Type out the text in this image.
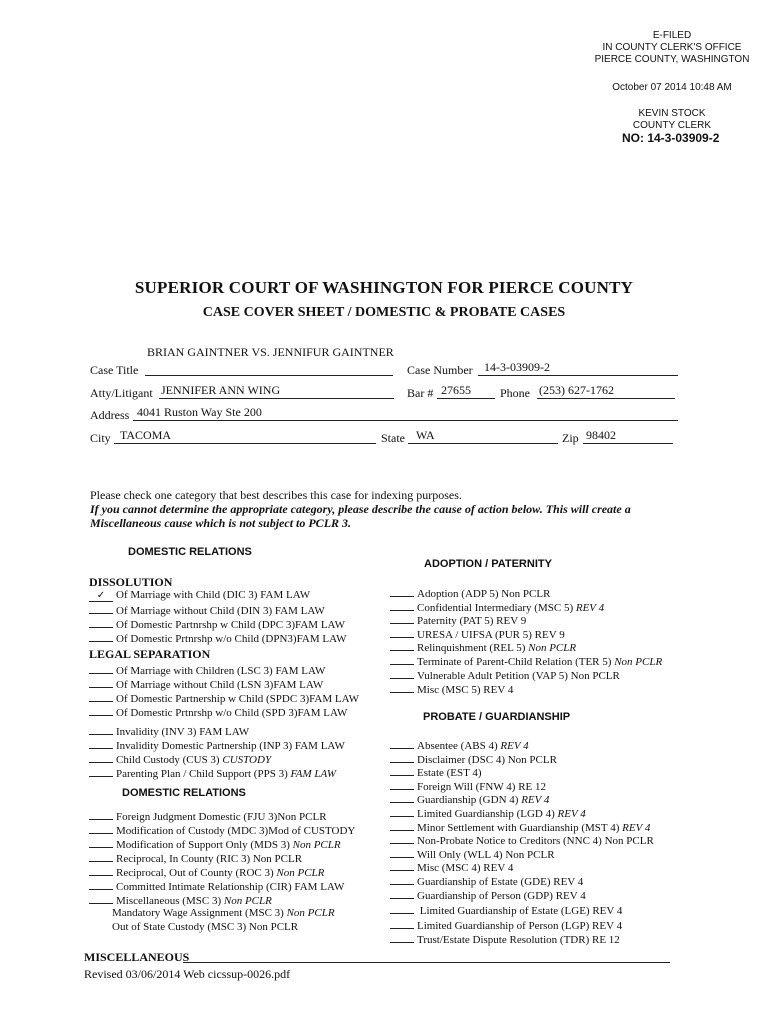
E-FILED
IN COUNTY CLERK'S OFFICE
PIERCE COUNTY, WASHINGTON
October 07 2014 10:48 AM
KEVIN STOCK
COUNTY CLERK
NO: 14-3-03909-2
SUPERIOR COURT OF WASHINGTON FOR PIERCE COUNTY
CASE COVER SHEET / DOMESTIC & PROBATE CASES
BRIAN GAINTNER VS. JENNIFUR GAINTNER
Case Title	Case Number 14-3-03909-2
Atty/Litigant JENNIFER ANN WING	Bar # 27655 Phone (253) 627-1762
Address 4041 Ruston Way Ste 200
City TACOMA	State WA	Zip 98402
Please check one category that best describes this case for indexing purposes.
If you cannot determine the appropriate category, please describe the cause of action below. This will create a
Miscellaneous cause which is not subject to PCLR 3.
DOMESTIC RELATIONS
DISSOLUTION
✓ Of Marriage with Child (DIC 3) FAM LAW
Of Marriage without Child (DIN 3) FAM LAW
Of Domestic Partnrshp w Child (DPC 3)FAM LAW
Of Domestic Prtnrshp w/o Child (DPN3)FAM LAW
LEGAL SEPARATION
Of Marriage with Children (LSC 3) FAM LAW
Of Marriage without Child (LSN 3)FAM LAW
Of Domestic Partnership w Child (SPDC 3)FAM LAW
Of Domestic Prtnrshp w/o Child (SPD 3)FAM LAW
Invalidity (INV 3) FAM LAW
Invalidity Domestic Partnership (INP 3) FAM LAW
Child Custody (CUS 3) CUSTODY
Parenting Plan / Child Support (PPS 3) FAM LAW
DOMESTIC RELATIONS
Foreign Judgment Domestic (FJU 3)Non PCLR
Modification of Custody (MDC 3)Mod of CUSTODY
Modification of Support Only (MDS 3) Non PCLR
Reciprocal, In County (RIC 3) Non PCLR
Reciprocal, Out of County (ROC 3) Non PCLR
Committed Intimate Relationship (CIR) FAM LAW
Miscellaneous (MSC 3) Non PCLR
Mandatory Wage Assignment (MSC 3) Non PCLR
Out of State Custody (MSC 3) Non PCLR
ADOPTION / PATERNITY
Adoption (ADP 5) Non PCLR
Confidential Intermediary (MSC 5) REV 4
Paternity (PAT 5) REV 9
URESA / UIFSA (PUR 5) REV 9
Relinquishment (REL 5) Non PCLR
Terminate of Parent-Child Relation (TER 5) Non PCLR
Vulnerable Adult Petition (VAP 5) Non PCLR
Misc (MSC 5) REV 4
PROBATE / GUARDIANSHIP
Absentee (ABS 4) REV 4
Disclaimer (DSC 4) Non PCLR
Estate (EST 4)
Foreign Will (FNW 4) RE 12
Guardianship (GDN 4) REV 4
Limited Guardianship (LGD 4) REV 4
Minor Settlement with Guardianship (MST 4) REV 4
Non-Probate Notice to Creditors (NNC 4) Non PCLR
Will Only (WLL 4) Non PCLR
Misc (MSC 4) REV 4
Guardianship of Estate (GDE) REV 4
Guardianship of Person (GDP) REV 4
Limited Guardianship of Estate (LGE) REV 4
Limited Guardianship of Person (LGP) REV 4
Trust/Estate Dispute Resolution (TDR) RE 12
MISCELLANEOUS
Revised 03/06/2014 Web cicssup-0026.pdf
